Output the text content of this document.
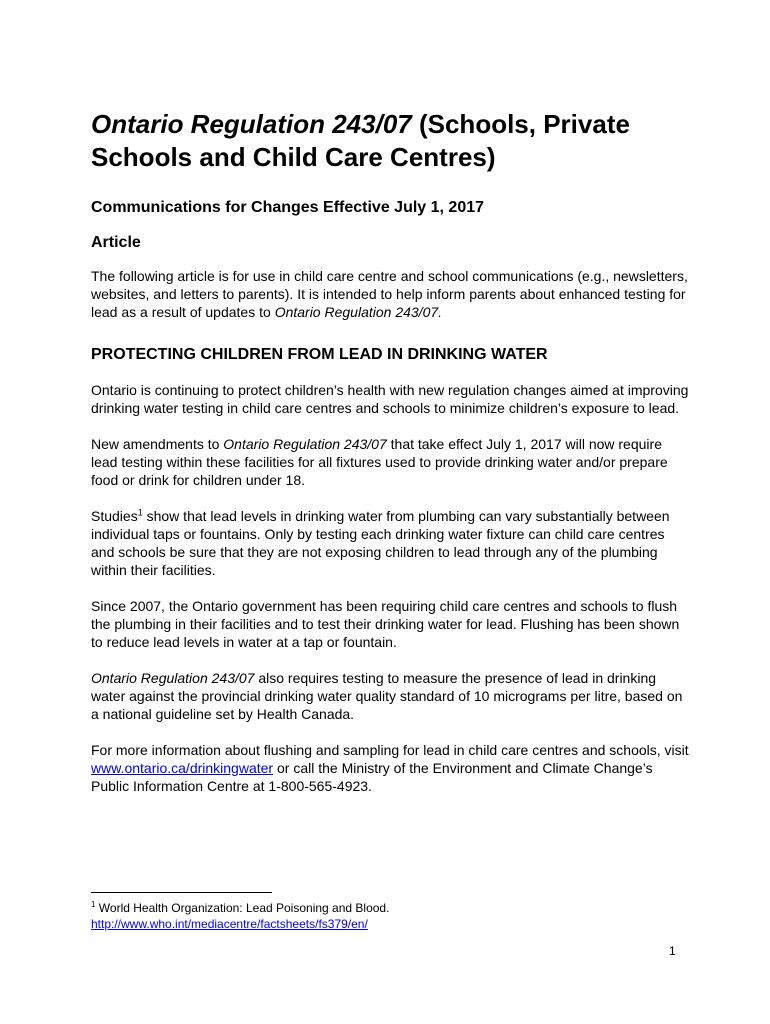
Ontario Regulation 243/07 (Schools, Private Schools and Child Care Centres)
Communications for Changes Effective July 1, 2017
Article

The following article is for use in child care centre and school communications (e.g., newsletters, websites, and letters to parents). It is intended to help inform parents about enhanced testing for lead as a result of updates to Ontario Regulation 243/07.

PROTECTING CHILDREN FROM LEAD IN DRINKING WATER

Ontario is continuing to protect children’s health with new regulation changes aimed at improving drinking water testing in child care centres and schools to minimize children’s exposure to lead.

New amendments to Ontario Regulation 243/07 that take effect July 1, 2017 will now require lead testing within these facilities for all fixtures used to provide drinking water and/or prepare food or drink for children under 18.

Studies$^1$ show that lead levels in drinking water from plumbing can vary substantially between individual taps or fountains. Only by testing each drinking water fixture can child care centres and schools be sure that they are not exposing children to lead through any of the plumbing within their facilities.

Since 2007, the Ontario government has been requiring child care centres and schools to flush the plumbing in their facilities and to test their drinking water for lead. Flushing has been shown to reduce lead levels in water at a tap or fountain.

Ontario Regulation 243/07 also requires testing to measure the presence of lead in drinking water against the provincial drinking water quality standard of 10 micrograms per litre, based on a national guideline set by Health Canada.

For more information about flushing and sampling for lead in child care centres and schools, visit www.ontario.ca/drinkingwater or call the Ministry of the Environment and Climate Change’s Public Information Centre at 1-800-565-4923.

$^1$ World Health Organization: Lead Poisoning and Blood.
http://www.who.int/mediacentre/factsheets/fs379/en/
1
